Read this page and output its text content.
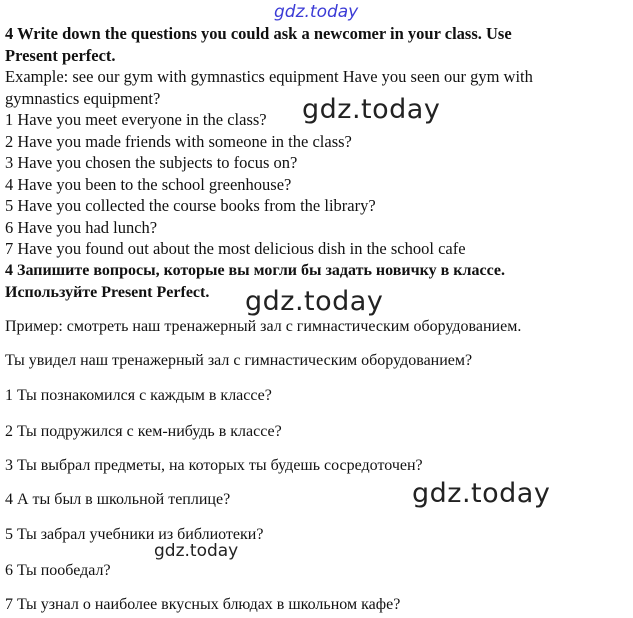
gdz.today
gdz.today
gdz.today
gdz.today
gdz.today
4 Write down the questions you could ask a newcomer in your class. Use
Present perfect.
Example: see our gym with gymnastics equipment Have you seen our gym with
gymnastics equipment?
1 Have you meet everyone in the class?
2 Have you made friends with someone in the class?
3 Have you chosen the subjects to focus on?
4 Have you been to the school greenhouse?
5 Have you collected the course books from the library?
6 Have you had lunch?
7 Have you found out about the most delicious dish in the school cafe
4 Запишите вопросы, которые вы могли бы задать новичку в классе.
Используйте Present Perfect.
Пример: смотреть наш тренажерный зал с гимнастическим оборудованием.
Ты увидел наш тренажерный зал с гимнастическим оборудованием?
1 Ты познакомился с каждым в классе?
2 Ты подружился с кем-нибудь в классе?
3 Ты выбрал предметы, на которых ты будешь сосредоточен?
4 А ты был в школьной теплице?
5 Ты забрал учебники из библиотеки?
6 Ты пообедал?
7 Ты узнал о наиболее вкусных блюдах в школьном кафе?
